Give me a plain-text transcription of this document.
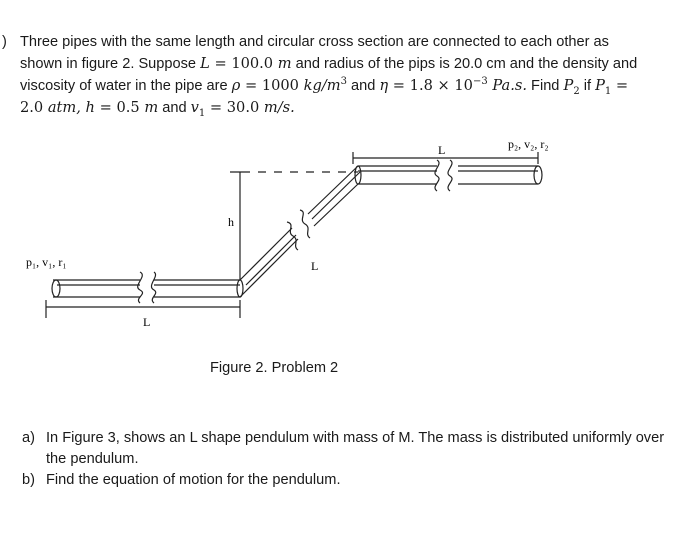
) Three pipes with the same length and circular cross section are connected to each other as
shown in figure 2. Suppose L = 100.0 m and radius of the pips is 20.0 cm and the density and
viscosity of water in the pipe are ρ = 1000 $kg/m^3$ and $\eta = 1.8 \times 10^{-3}$ Pa.s. Find $P_2$ if $P_1$ =
2.0 atm, h = 0.5 m and $v_1 = 30.0$ m/s.
p₁, v₁, r₁
p₂, v₂, r₂
L
L
L
h
Figure 2. Problem 2
a) In Figure 3, shows an L shape pendulum with mass of M. The mass is distributed uniformly over the pendulum.
b) Find the equation of motion for the pendulum.
